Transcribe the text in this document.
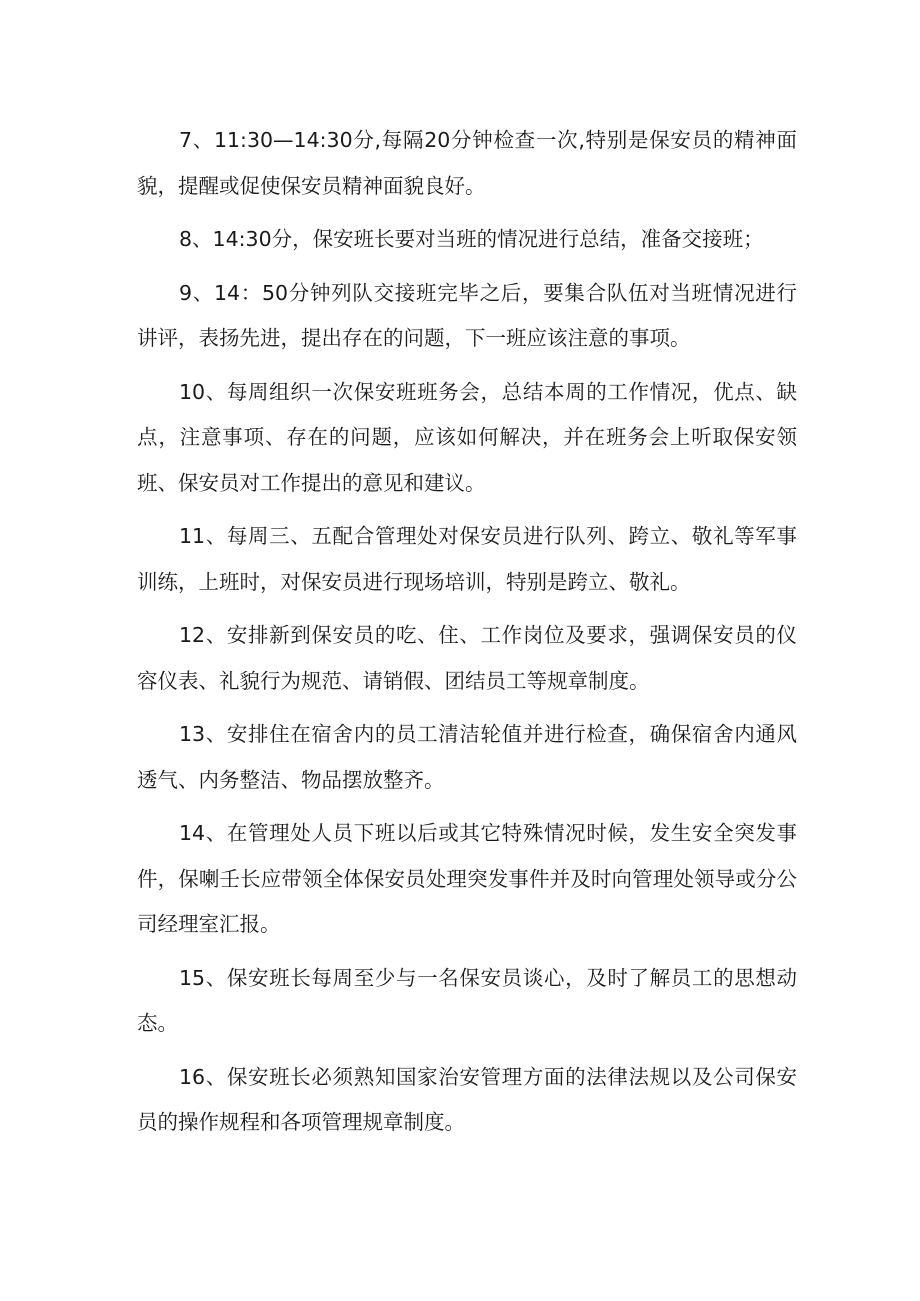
7、11:30—14:30分,每隔20分钟检查一次,特别是保安员的精神面貌，提醒或促使保安员精神面貌良好。

8、14:30分，保安班长要对当班的情况进行总结，准备交接班；

9、14：50分钟列队交接班完毕之后，要集合队伍对当班情况进行讲评，表扬先进，提出存在的问题，下一班应该注意的事项。

10、每周组织一次保安班班务会，总结本周的工作情况，优点、缺点，注意事项、存在的问题，应该如何解决，并在班务会上听取保安领班、保安员对工作提出的意见和建议。

11、每周三、五配合管理处对保安员进行队列、跨立、敬礼等军事训练，上班时，对保安员进行现场培训，特别是跨立、敬礼。

12、安排新到保安员的吃、住、工作岗位及要求，强调保安员的仪容仪表、礼貌行为规范、请销假、团结员工等规章制度。

13、安排住在宿舍内的员工清洁轮值并进行检查，确保宿舍内通风透气、内务整洁、物品摆放整齐。

14、在管理处人员下班以后或其它特殊情况时候，发生安全突发事件，保喇壬长应带领全体保安员处理突发事件并及时向管理处领导或分公司经理室汇报。

15、保安班长每周至少与一名保安员谈心，及时了解员工的思想动态。

16、保安班长必须熟知国家治安管理方面的法律法规以及公司保安员的操作规程和各项管理规章制度。
